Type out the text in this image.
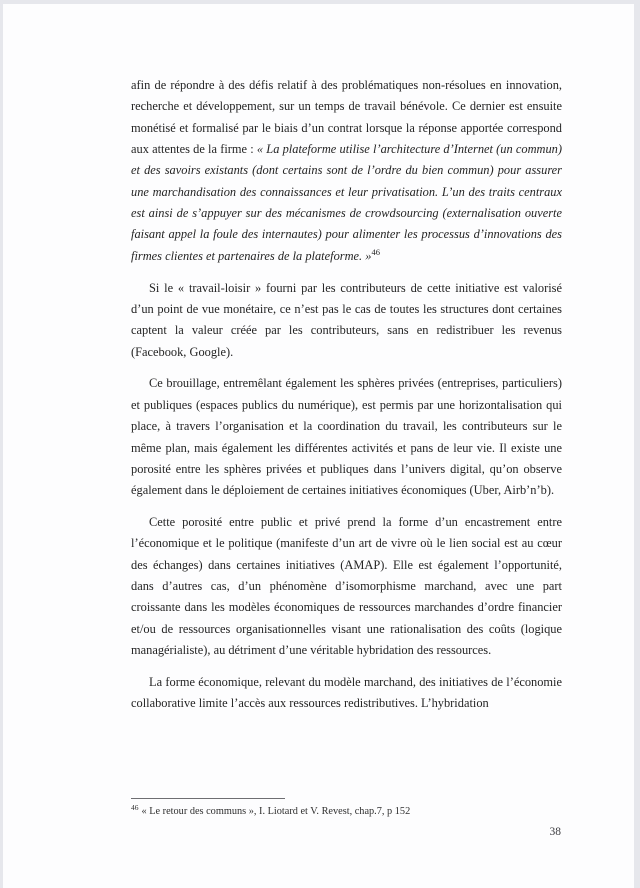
afin de répondre à des défis relatif à des problématiques non-résolues en innovation, recherche et développement, sur un temps de travail bénévole. Ce dernier est ensuite monétisé et formalisé par le biais d’un contrat lorsque la réponse apportée correspond aux attentes de la firme : « La plateforme utilise l’architecture d’Internet (un commun) et des savoirs existants (dont certains sont de l’ordre du bien commun) pour assurer une marchandisation des connaissances et leur privatisation. L’un des traits centraux est ainsi de s’appuyer sur des mécanismes de crowdsourcing (externalisation ouverte faisant appel la foule des internautes) pour alimenter les processus d’innovations des firmes clientes et partenaires de la plateforme. »$^{46}$

Si le « travail-loisir » fourni par les contributeurs de cette initiative est valorisé d’un point de vue monétaire, ce n’est pas le cas de toutes les structures dont certaines captent la valeur créée par les contributeurs, sans en redistribuer les revenus (Facebook, Google).

Ce brouillage, entremêlant également les sphères privées (entreprises, particuliers) et publiques (espaces publics du numérique), est permis par une horizontalisation qui place, à travers l’organisation et la coordination du travail, les contributeurs sur le même plan, mais également les différentes activités et pans de leur vie. Il existe une porosité entre les sphères privées et publiques dans l’univers digital, qu’on observe également dans le déploiement de certaines initiatives économiques (Uber, Airb’n’b).

Cette porosité entre public et privé prend la forme d’un encastrement entre l’économique et le politique (manifeste d’un art de vivre où le lien social est au cœur des échanges) dans certaines initiatives (AMAP). Elle est également l’opportunité, dans d’autres cas, d’un phénomène d’isomorphisme marchand, avec une part croissante dans les modèles économiques de ressources marchandes d’ordre financier et/ou de ressources organisationnelles visant une rationalisation des coûts (logique managérialiste), au détriment d’une véritable hybridation des ressources.

La forme économique, relevant du modèle marchand, des initiatives de l’économie collaborative limite l’accès aux ressources redistributives. L’hybridation

$^{46}$ « Le retour des communs », I. Liotard et V. Revest, chap.7, p 152
38
